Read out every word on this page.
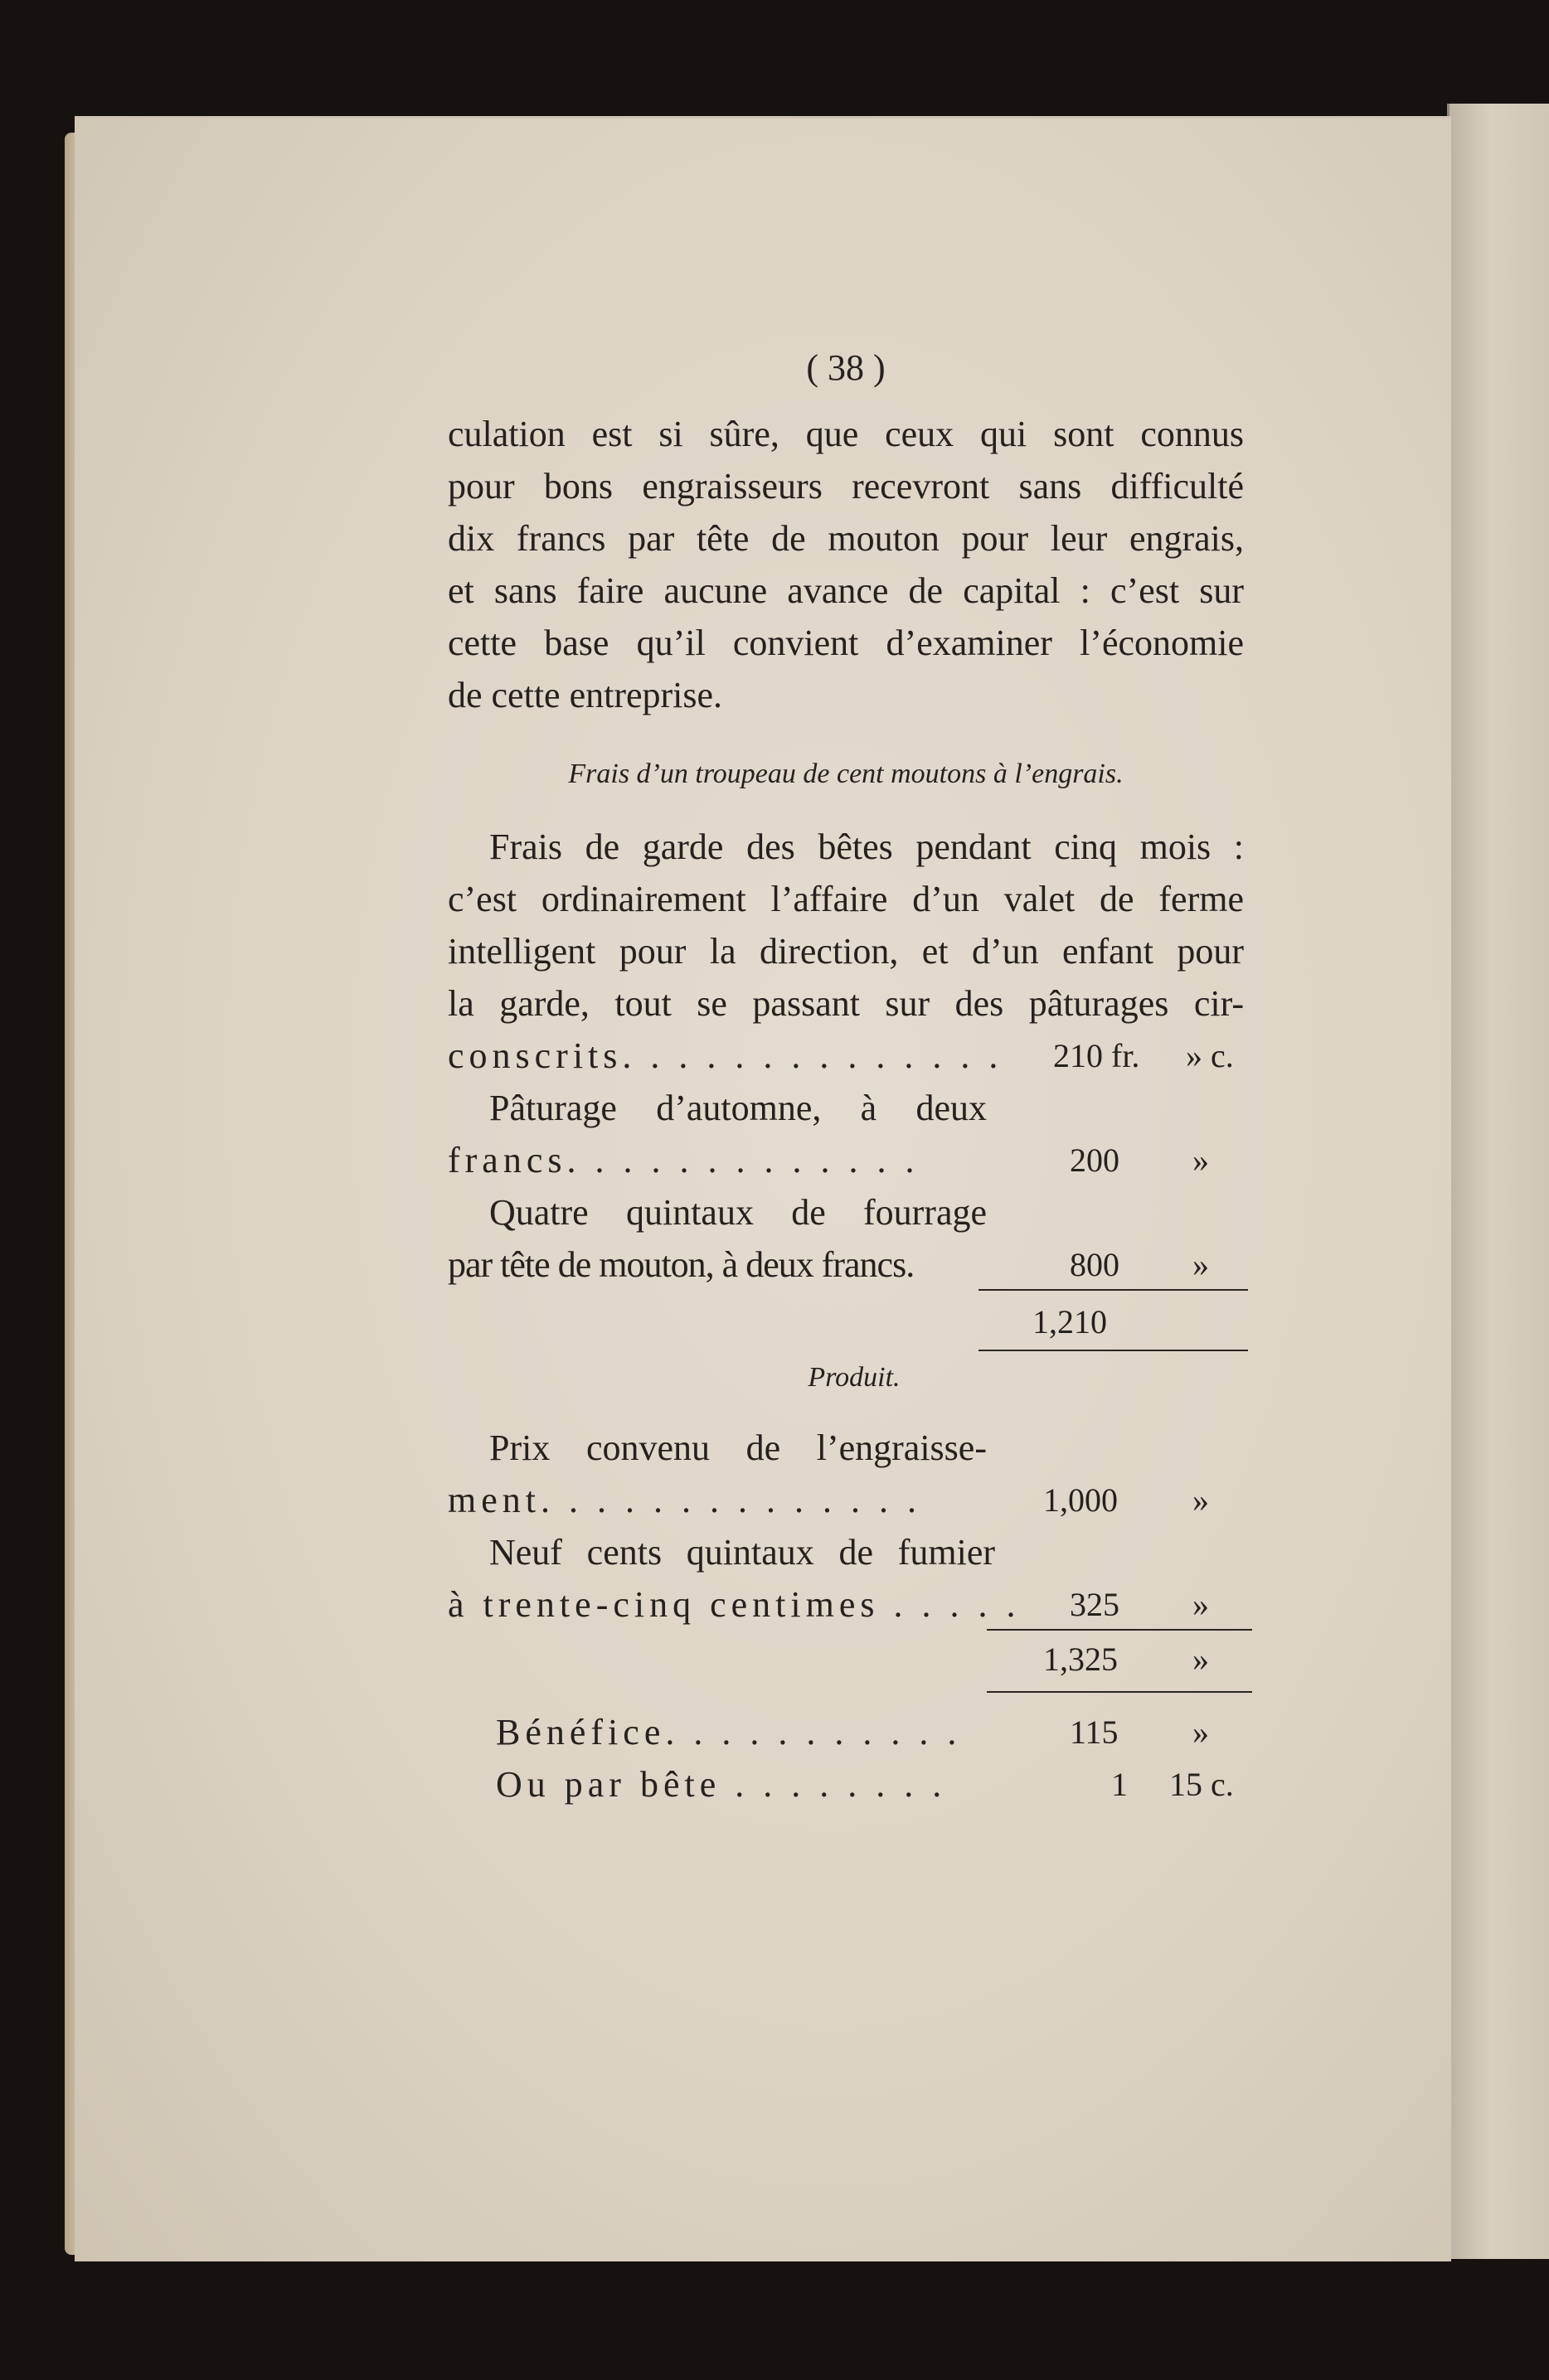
( 38 )
culation est si sûre, que ceux qui sont connus
pour bons engraisseurs recevront sans difficulté
dix francs par tête de mouton pour leur engrais,
et sans faire aucune avance de capital : c’est sur
cette base qu’il convient d’examiner l’économie
de cette entreprise.
Frais d’un troupeau de cent moutons à l’engrais.
Frais de garde des bêtes pendant cinq mois :
c’est ordinairement l’affaire d’un valet de ferme
intelligent pour la direction, et d’un enfant pour
la garde, tout se passant sur des pâturages cir-
conscrits. . . . . . . . . . . . . . 210 fr. » c.
Pâturage d’automne, à deux
francs. . . . . . . . . . . . .	200 »
Quatre quintaux de fourrage
par tête de mouton, à deux francs.	800 »
1,210
Produit.
Prix convenu de l’engraisse-
ment. . . . . . . . . . . . . .	1,000 »
Neuf cents quintaux de fumier
à trente-cinq centimes . . . . . 325 »
1,325 »
Bénéfice. . . . . . . . . . .	115 »
Ou par bête . . . . . . . .	1 15 c.
